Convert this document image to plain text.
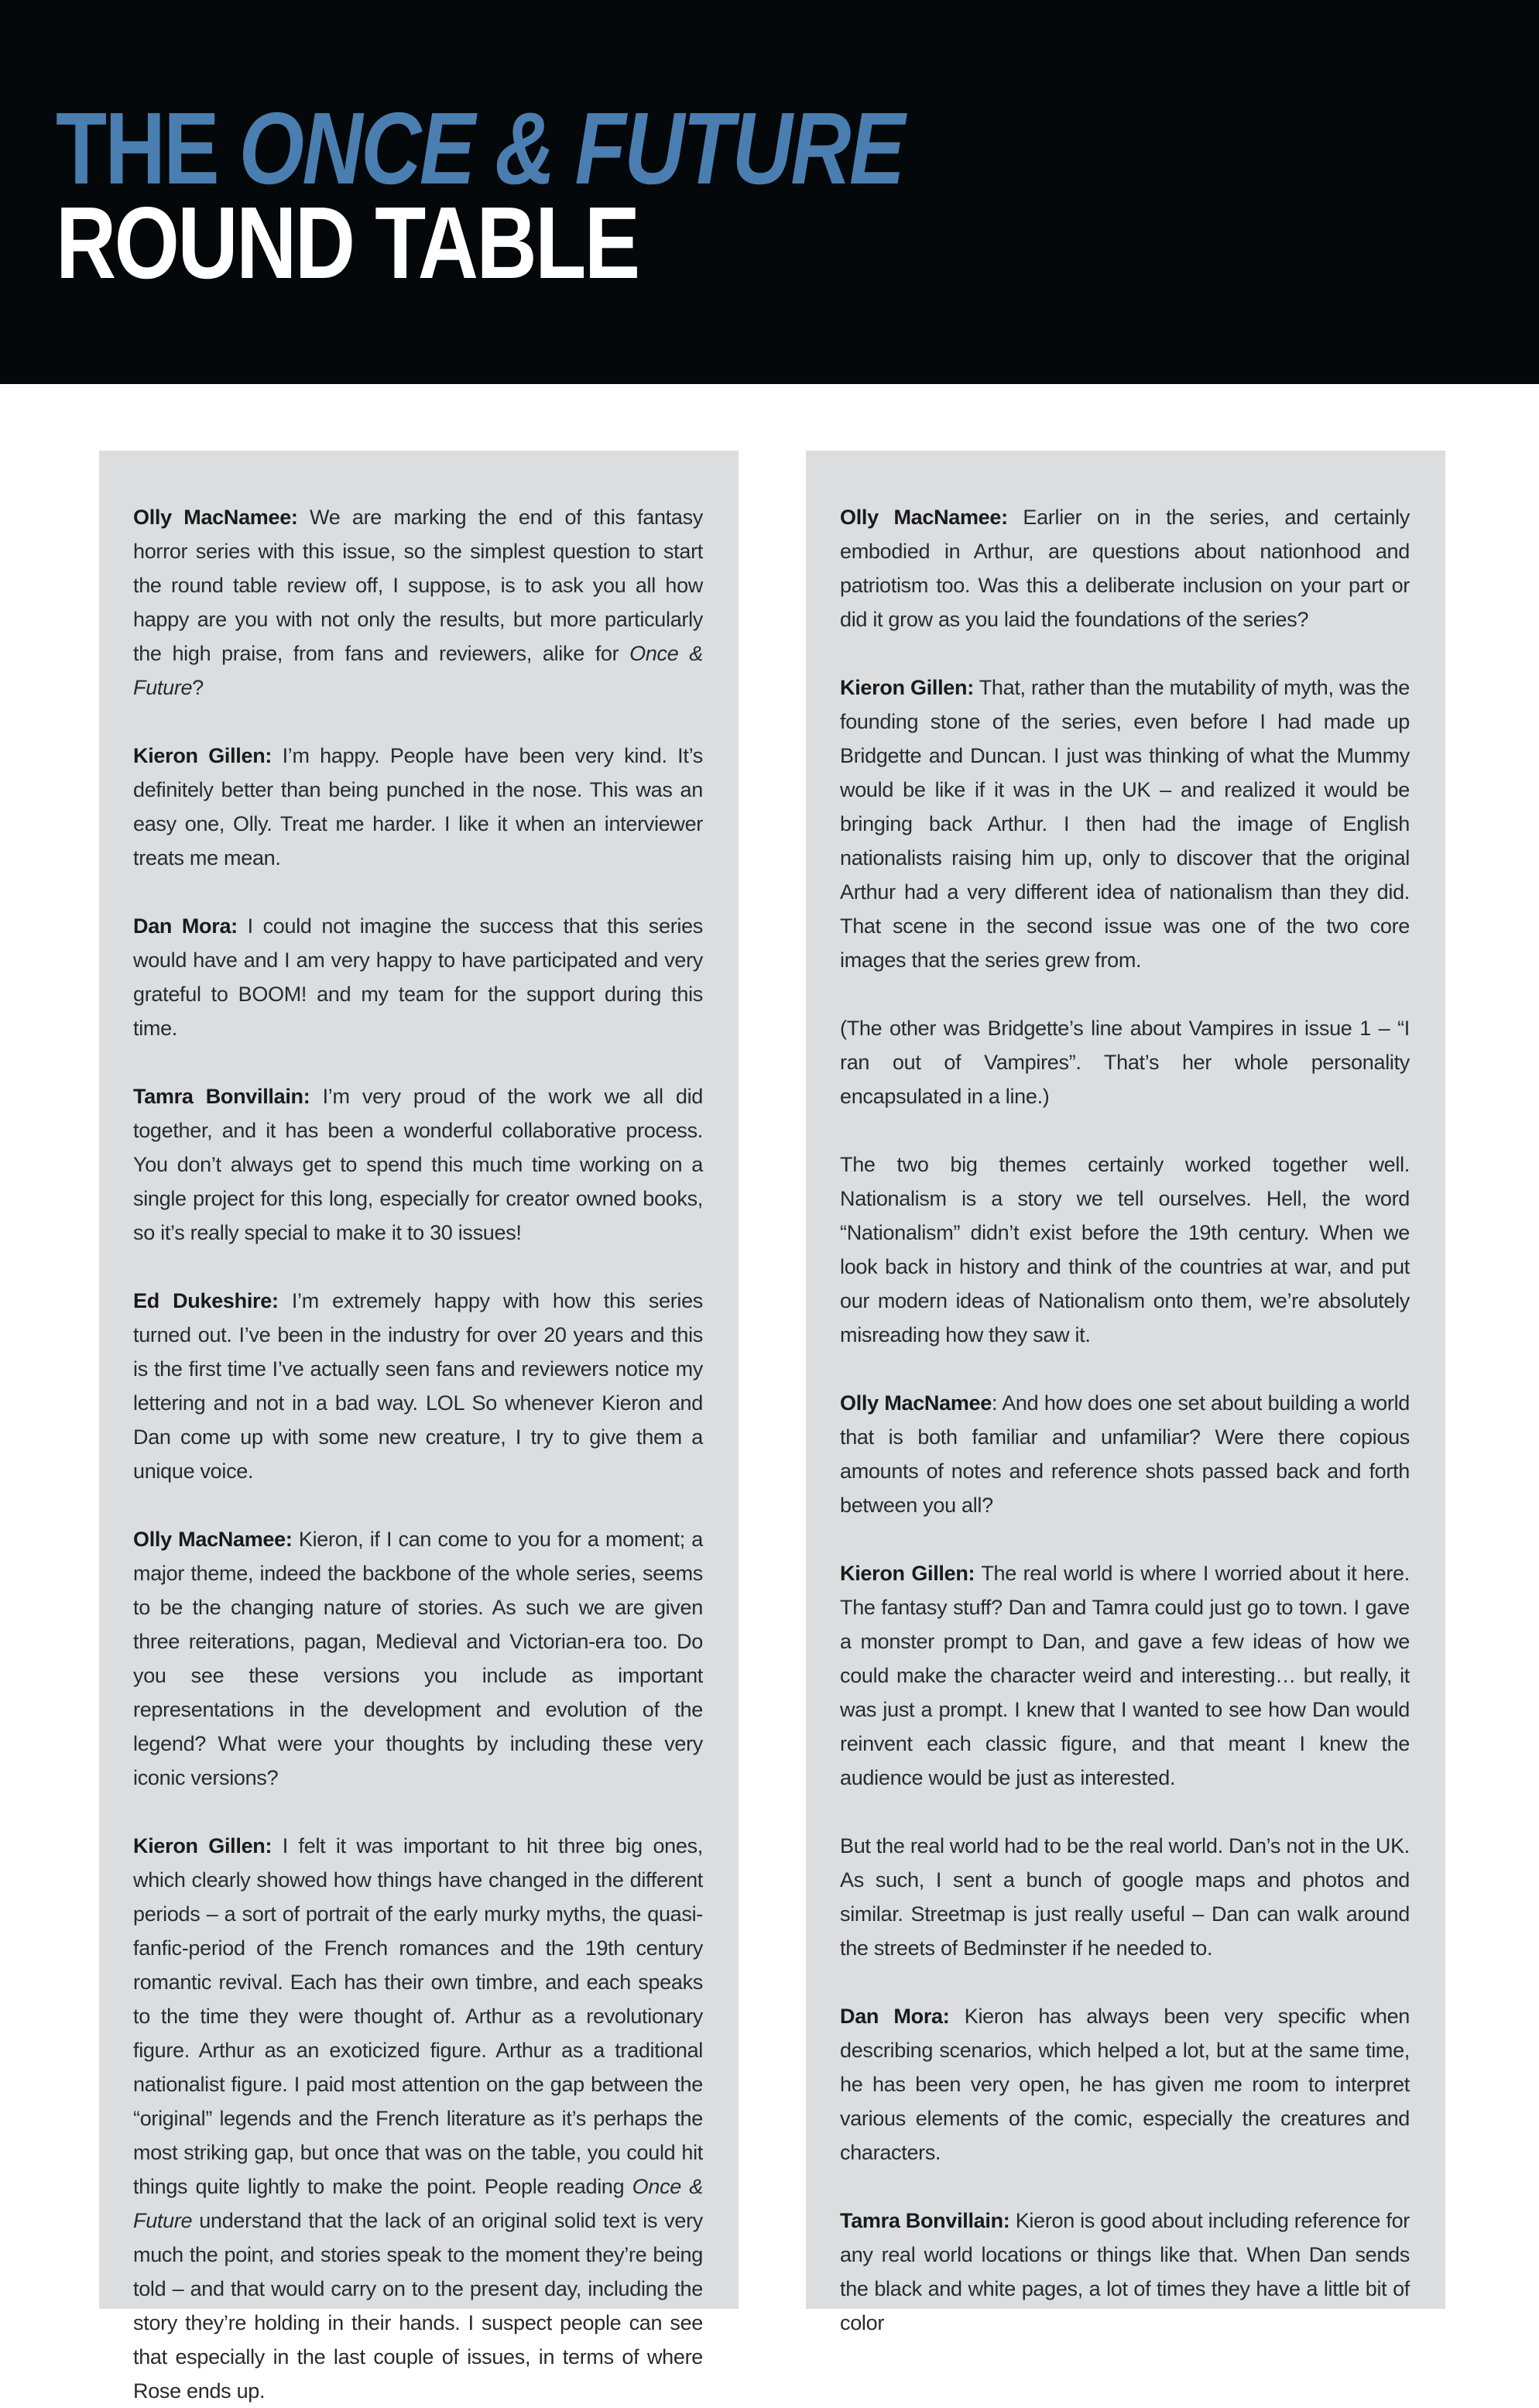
THE ONCE & FUTURE
ROUND TABLE

Olly MacNamee: We are marking the end of this fantasy horror series with this issue, so the simplest question to start the round table review off, I suppose, is to ask you all how happy are you with not only the results, but more particularly the high praise, from fans and reviewers, alike for Once & Future?

Kieron Gillen: I’m happy. People have been very kind. It’s definitely better than being punched in the nose. This was an easy one, Olly. Treat me harder. I like it when an interviewer treats me mean.

Dan Mora: I could not imagine the success that this series would have and I am very happy to have participated and very grateful to BOOM! and my team for the support during this time.

Tamra Bonvillain: I’m very proud of the work we all did together, and it has been a wonderful collaborative process. You don’t always get to spend this much time working on a single project for this long, especially for creator owned books, so it’s really special to make it to 30 issues!

Ed Dukeshire: I’m extremely happy with how this series turned out. I’ve been in the industry for over 20 years and this is the first time I’ve actually seen fans and reviewers notice my lettering and not in a bad way. LOL So whenever Kieron and Dan come up with some new creature, I try to give them a unique voice.

Olly MacNamee: Kieron, if I can come to you for a moment; a major theme, indeed the backbone of the whole series, seems to be the changing nature of stories. As such we are given three reiterations, pagan, Medieval and Victorian-era too. Do you see these versions you include as important representations in the development and evolution of the legend? What were your thoughts by including these very iconic versions?

Kieron Gillen: I felt it was important to hit three big ones, which clearly showed how things have changed in the different periods – a sort of portrait of the early murky myths, the quasi-fanfic-period of the French romances and the 19th century romantic revival. Each has their own timbre, and each speaks to the time they were thought of. Arthur as a revolutionary figure. Arthur as an exoticized figure. Arthur as a traditional nationalist figure. I paid most attention on the gap between the “original” legends and the French literature as it’s perhaps the most striking gap, but once that was on the table, you could hit things quite lightly to make the point. People reading Once & Future understand that the lack of an original solid text is very much the point, and stories speak to the moment they’re being told – and that would carry on to the present day, including the story they’re holding in their hands. I suspect people can see that especially in the last couple of issues, in terms of where Rose ends up.

Olly MacNamee: Earlier on in the series, and certainly embodied in Arthur, are questions about nationhood and patriotism too. Was this a deliberate inclusion on your part or did it grow as you laid the foundations of the series?

Kieron Gillen: That, rather than the mutability of myth, was the founding stone of the series, even before I had made up Bridgette and Duncan. I just was thinking of what the Mummy would be like if it was in the UK – and realized it would be bringing back Arthur. I then had the image of English nationalists raising him up, only to discover that the original Arthur had a very different idea of nationalism than they did. That scene in the second issue was one of the two core images that the series grew from.

(The other was Bridgette’s line about Vampires in issue 1 – “I ran out of Vampires”. That’s her whole personality encapsulated in a line.)

The two big themes certainly worked together well. Nationalism is a story we tell ourselves. Hell, the word “Nationalism” didn’t exist before the 19th century. When we look back in history and think of the countries at war, and put our modern ideas of Nationalism onto them, we’re absolutely misreading how they saw it.

Olly MacNamee: And how does one set about building a world that is both familiar and unfamiliar? Were there copious amounts of notes and reference shots passed back and forth between you all?

Kieron Gillen: The real world is where I worried about it here. The fantasy stuff? Dan and Tamra could just go to town. I gave a monster prompt to Dan, and gave a few ideas of how we could make the character weird and interesting… but really, it was just a prompt. I knew that I wanted to see how Dan would reinvent each classic figure, and that meant I knew the audience would be just as interested.

But the real world had to be the real world. Dan’s not in the UK. As such, I sent a bunch of google maps and photos and similar. Streetmap is just really useful – Dan can walk around the streets of Bedminster if he needed to.

Dan Mora: Kieron has always been very specific when describing scenarios, which helped a lot, but at the same time, he has been very open, he has given me room to interpret various elements of the comic, especially the creatures and characters.

Tamra Bonvillain: Kieron is good about including reference for any real world locations or things like that. When Dan sends the black and white pages, a lot of times they have a little bit of color
